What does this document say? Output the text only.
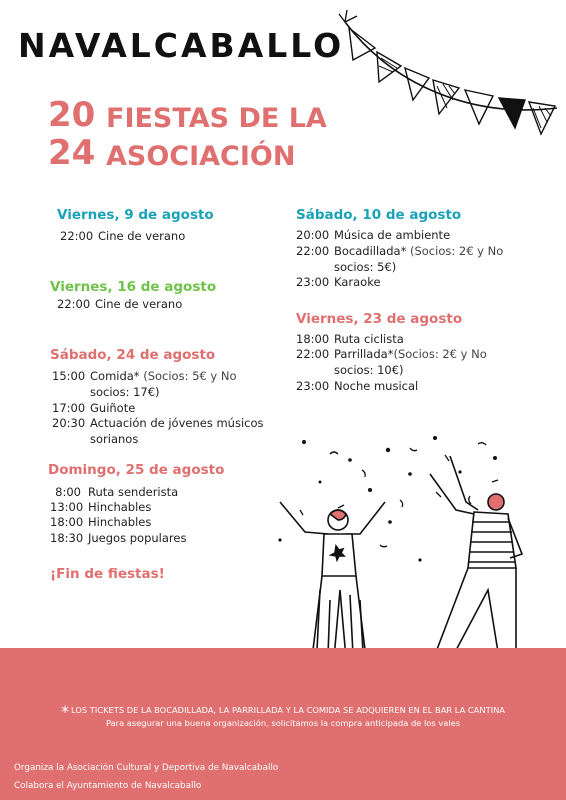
NAVALCABALLO
20
24
FIESTAS DE LA
ASOCIACIÓN
Viernes, 9 de agosto
22:00 Cine de verano
Viernes, 16 de agosto
22:00 Cine de verano
Sábado, 24 de agosto
15:00 Comida* (Socios: 5€ y No
socios: 17€)
17:00 Guiñote
20:30 Actuación de jóvenes músicos
sorianos
Domingo, 25 de agosto
8:00 Ruta senderista
13:00 Hinchables
18:00 Hinchables
18:30 Juegos populares
¡Fin de fiestas!
Sábado, 10 de agosto
20:00 Música de ambiente
22:00 Bocadillada* (Socios: 2€ y No
socios: 5€)
23:00 Karaoke
Viernes, 23 de agosto
18:00 Ruta ciclista
22:00 Parrillada*(Socios: 2€ y No
socios: 10€)
23:00 Noche musical
* LOS TICKETS DE LA BOCADILLADA, LA PARRILLADA Y LA COMIDA SE ADQUIEREN EN EL BAR LA CANTINA
Para asegurar una buena organización, solicitamos la compra anticipada de los vales
Organiza la Asociación Cultural y Deportiva de Navalcaballo
Colabora el Ayuntamiento de Navalcaballo
